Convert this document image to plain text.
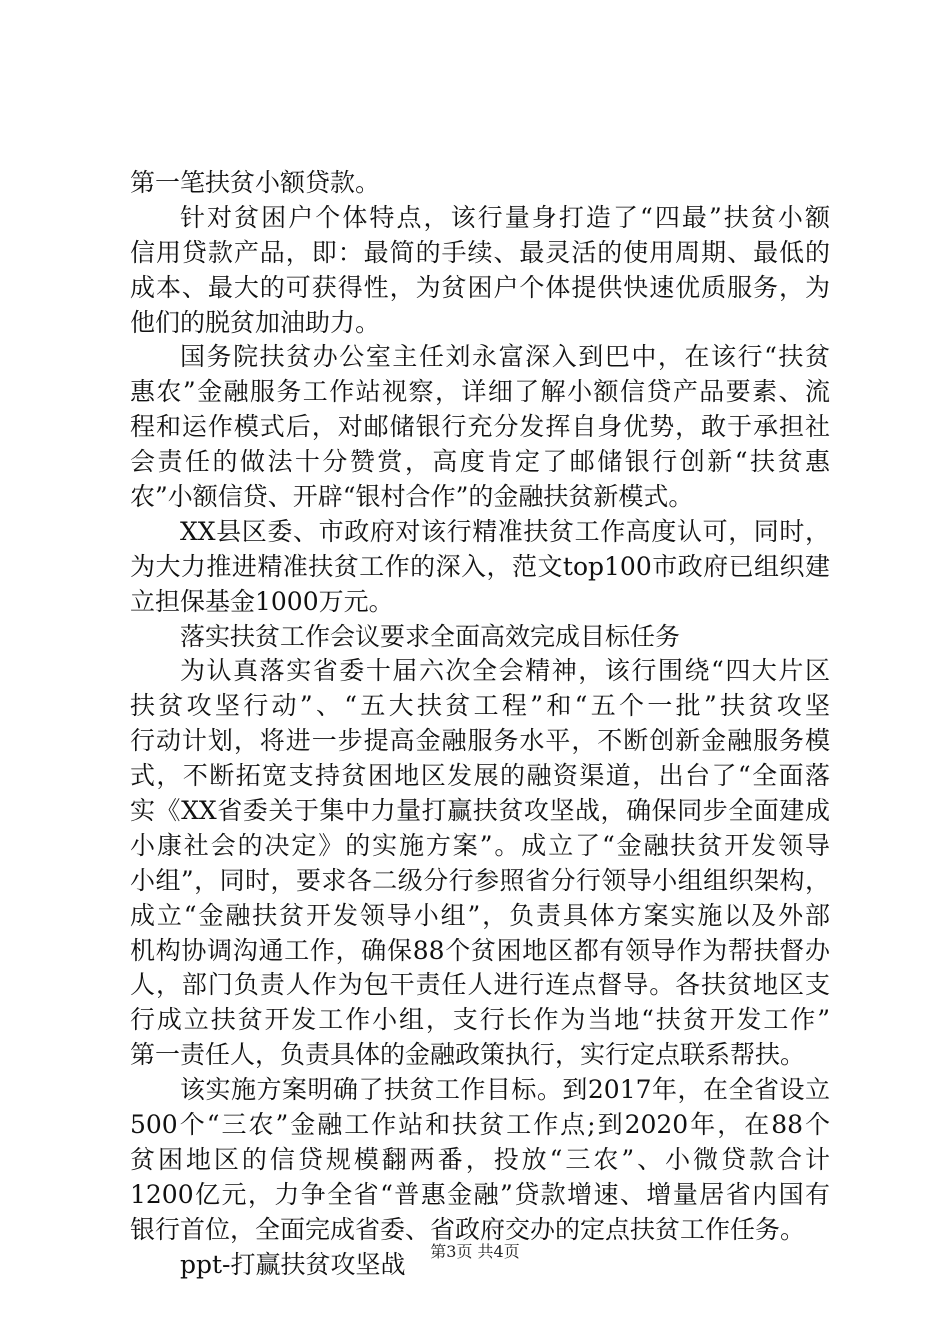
第一笔扶贫小额贷款。
针对贫困户个体特点，该行量身打造了“四最”扶贫小额
信用贷款产品，即：最简的手续、最灵活的使用周期、最低的
成本、最大的可获得性，为贫困户个体提供快速优质服务，为
他们的脱贫加油助力。
国务院扶贫办公室主任刘永富深入到巴中，在该行“扶贫
惠农”金融服务工作站视察，详细了解小额信贷产品要素、流
程和运作模式后，对邮储银行充分发挥自身优势，敢于承担社
会责任的做法十分赞赏，高度肯定了邮储银行创新“扶贫惠
农”小额信贷、开辟“银村合作”的金融扶贫新模式。
XX县区委、市政府对该行精准扶贫工作高度认可，同时，
为大力推进精准扶贫工作的深入，范文top100市政府已组织建
立担保基金1000万元。
落实扶贫工作会议要求全面高效完成目标任务
为认真落实省委十届六次全会精神，该行围绕“四大片区
扶贫攻坚行动”、“五大扶贫工程”和“五个一批”扶贫攻坚
行动计划，将进一步提高金融服务水平，不断创新金融服务模
式，不断拓宽支持贫困地区发展的融资渠道，出台了“全面落
实《XX省委关于集中力量打赢扶贫攻坚战，确保同步全面建成
小康社会的决定》的实施方案”。成立了“金融扶贫开发领导
小组”，同时，要求各二级分行参照省分行领导小组组织架构，
成立“金融扶贫开发领导小组”，负责具体方案实施以及外部
机构协调沟通工作，确保88个贫困地区都有领导作为帮扶督办
人，部门负责人作为包干责任人进行连点督导。各扶贫地区支
行成立扶贫开发工作小组，支行长作为当地“扶贫开发工作”
第一责任人，负责具体的金融政策执行，实行定点联系帮扶。
该实施方案明确了扶贫工作目标。到2017年，在全省设立
500个“三农”金融工作站和扶贫工作点;到2020年，在88个
贫困地区的信贷规模翻两番，投放“三农”、小微贷款合计
1200亿元，力争全省“普惠金融”贷款增速、增量居省内国有
银行首位，全面完成省委、省政府交办的定点扶贫工作任务。
ppt-打赢扶贫攻坚战	第3页 共4页
